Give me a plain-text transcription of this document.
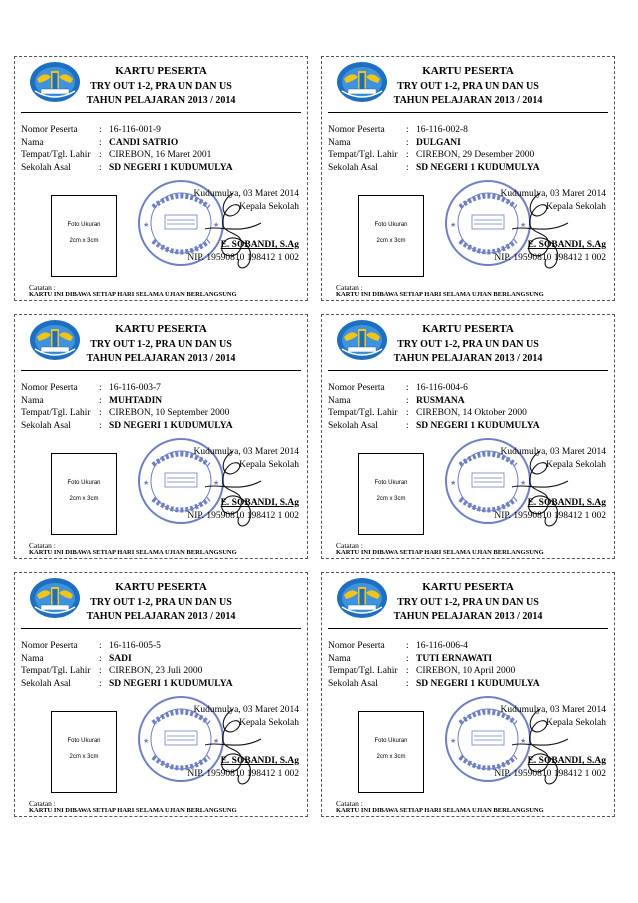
KARTU PESERTA
TRY OUT 1-2, PRA UN DAN US
TAHUN PELAJARAN 2013 / 2014
Nomor Peserta : 16-116-001-9
Nama	: CANDI SATRIO
Tempat/Tgl. Lahir : CIREBON, 16 Maret 2001
Sekolah Asal	: SD NEGERI 1 KUDUMULYA
Foto Ukuran
2cm x 3cm
★	★
Kudumulya, 03 Maret 2014
Kepala Sekolah
E. SOBANDI, S.Ag
NIP. 19590810 198412 1 002
Catatan :
KARTU INI DIBAWA SETIAP HARI SELAMA UJIAN BERLANGSUNG
KARTU PESERTA
TRY OUT 1-2, PRA UN DAN US
TAHUN PELAJARAN 2013 / 2014
Nomor Peserta : 16-116-002-8
Nama	: DULGANI
Tempat/Tgl. Lahir : CIREBON, 29 Desember 2000
Sekolah Asal	: SD NEGERI 1 KUDUMULYA
Foto Ukuran
2cm x 3cm
★	★
Kudumulya, 03 Maret 2014
Kepala Sekolah
E. SOBANDI, S.Ag
NIP. 19590810 198412 1 002
Catatan :
KARTU INI DIBAWA SETIAP HARI SELAMA UJIAN BERLANGSUNG
KARTU PESERTA
TRY OUT 1-2, PRA UN DAN US
TAHUN PELAJARAN 2013 / 2014
Nomor Peserta : 16-116-003-7
Nama	: MUHTADIN
Tempat/Tgl. Lahir : CIREBON, 10 September 2000
Sekolah Asal	: SD NEGERI 1 KUDUMULYA
Foto Ukuran
2cm x 3cm
★	★
Kudumulya, 03 Maret 2014
Kepala Sekolah
E. SOBANDI, S.Ag
NIP. 19590810 198412 1 002
Catatan :
KARTU INI DIBAWA SETIAP HARI SELAMA UJIAN BERLANGSUNG
KARTU PESERTA
TRY OUT 1-2, PRA UN DAN US
TAHUN PELAJARAN 2013 / 2014
Nomor Peserta : 16-116-004-6
Nama	: RUSMANA
Tempat/Tgl. Lahir : CIREBON, 14 Oktober 2000
Sekolah Asal	: SD NEGERI 1 KUDUMULYA
Foto Ukuran
2cm x 3cm
★	★
Kudumulya, 03 Maret 2014
Kepala Sekolah
E. SOBANDI, S.Ag
NIP. 19590810 198412 1 002
Catatan :
KARTU INI DIBAWA SETIAP HARI SELAMA UJIAN BERLANGSUNG
KARTU PESERTA
TRY OUT 1-2, PRA UN DAN US
TAHUN PELAJARAN 2013 / 2014
Nomor Peserta : 16-116-005-5
Nama	: SADI
Tempat/Tgl. Lahir : CIREBON, 23 Juli 2000
Sekolah Asal	: SD NEGERI 1 KUDUMULYA
Foto Ukuran
2cm x 3cm
★	★
Kudumulya, 03 Maret 2014
Kepala Sekolah
E. SOBANDI, S.Ag
NIP. 19590810 198412 1 002
Catatan :
KARTU INI DIBAWA SETIAP HARI SELAMA UJIAN BERLANGSUNG
KARTU PESERTA
TRY OUT 1-2, PRA UN DAN US
TAHUN PELAJARAN 2013 / 2014
Nomor Peserta : 16-116-006-4
Nama	: TUTI ERNAWATI
Tempat/Tgl. Lahir : CIREBON, 10 April 2000
Sekolah Asal	: SD NEGERI 1 KUDUMULYA
Foto Ukuran
2cm x 3cm
★	★
Kudumulya, 03 Maret 2014
Kepala Sekolah
E. SOBANDI, S.Ag
NIP. 19590810 198412 1 002
Catatan :
KARTU INI DIBAWA SETIAP HARI SELAMA UJIAN BERLANGSUNG
